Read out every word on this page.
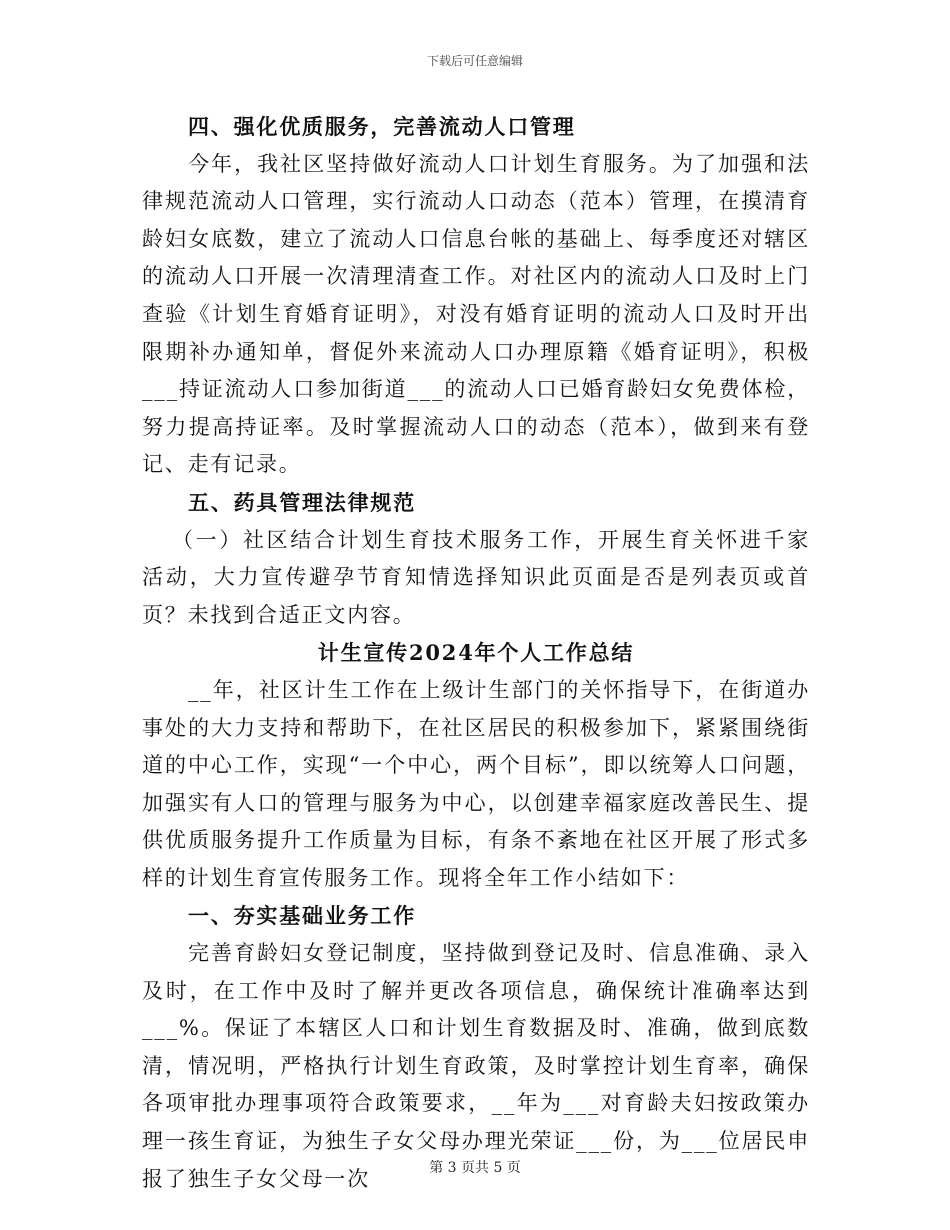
下载后可任意编辑

四、强化优质服务，完善流动人口管理

今年，我社区坚持做好流动人口计划生育服务。为了加强和法律规范流动人口管理，实行流动人口动态（范本）管理，在摸清育龄妇女底数，建立了流动人口信息台帐的基础上、每季度还对辖区的流动人口开展一次清理清查工作。对社区内的流动人口及时上门查验《计划生育婚育证明》，对没有婚育证明的流动人口及时开出限期补办通知单，督促外来流动人口办理原籍《婚育证明》，积极___持证流动人口参加街道___的流动人口已婚育龄妇女免费体检，努力提高持证率。及时掌握流动人口的动态（范本），做到来有登记、走有记录。

五、药具管理法律规范

（一）社区结合计划生育技术服务工作，开展生育关怀进千家活动，大力宣传避孕节育知情选择知识此页面是否是列表页或首页？未找到合适正文内容。

计生宣传2024年个人工作总结

__年，社区计生工作在上级计生部门的关怀指导下，在街道办事处的大力支持和帮助下，在社区居民的积极参加下，紧紧围绕街道的中心工作，实现“一个中心，两个目标”，即以统筹人口问题，加强实有人口的管理与服务为中心，以创建幸福家庭改善民生、提供优质服务提升工作质量为目标，有条不紊地在社区开展了形式多样的计划生育宣传服务工作。现将全年工作小结如下：

一、夯实基础业务工作

完善育龄妇女登记制度，坚持做到登记及时、信息准确、录入及时，在工作中及时了解并更改各项信息，确保统计准确率达到___%。保证了本辖区人口和计划生育数据及时、准确，做到底数清，情况明，严格执行计划生育政策，及时掌控计划生育率，确保各项审批办理事项符合政策要求，__年为___对育龄夫妇按政策办理一孩生育证，为独生子女父母办理光荣证___份，为___位居民申报了独生子女父母一次	第 3 页共 5 页
